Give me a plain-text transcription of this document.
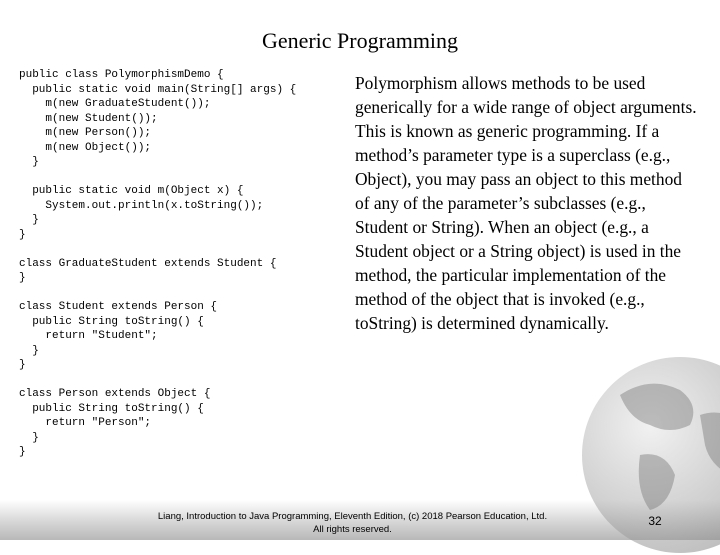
Generic Programming
public class PolymorphismDemo {
public static void main(String[] args) {
m(new GraduateStudent());
m(new Student());
m(new Person());
m(new Object());
}
public static void m(Object x) {
System.out.println(x.toString());
}
}
class GraduateStudent extends Student {
}
class Student extends Person {
public String toString() {
return "Student";
}
}
class Person extends Object {
public String toString() {
return "Person";
}
}

Polymorphism allows methods to be used generically for a wide range of object arguments. This is known as generic programming. If a method’s parameter type is a superclass (e.g., Object), you may pass an object to this method of any of the parameter’s subclasses (e.g., Student or String). When an object (e.g., a Student object or a String object) is used in the method, the particular implementation of the method of the object that is invoked (e.g., toString) is determined dynamically.

Liang, Introduction to Java Programming, Eleventh Edition, (c) 2018 Pearson Education, Ltd.
All rights reserved.
32
